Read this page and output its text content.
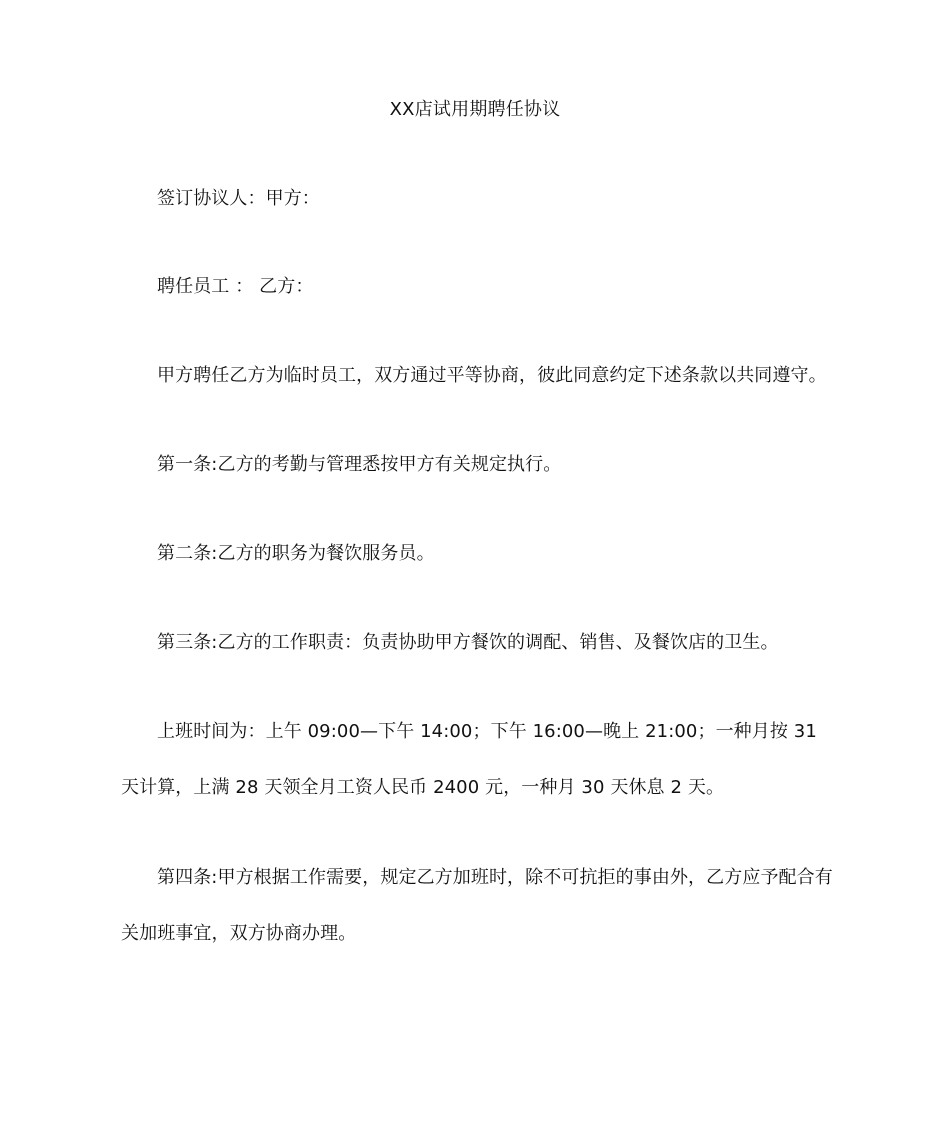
XX店试用期聘任协议
签订协议人：甲方：
聘任员工 ： 乙方：
甲方聘任乙方为临时员工，双方通过平等协商，彼此同意约定下述条款以共同遵守。
第一条:乙方的考勤与管理悉按甲方有关规定执行。
第二条:乙方的职务为餐饮服务员。
第三条:乙方的工作职责：负责协助甲方餐饮的调配、销售、及餐饮店的卫生。
上班时间为：上午 09:00—下午 14:00；下午 16:00—晚上 21:00；一种月按 31 天计算，上满 28 天领全月工资人民币 2400 元，一种月 30 天休息 2 天。
第四条:甲方根据工作需要，规定乙方加班时，除不可抗拒的事由外，乙方应予配合有关加班事宜，双方协商办理。
